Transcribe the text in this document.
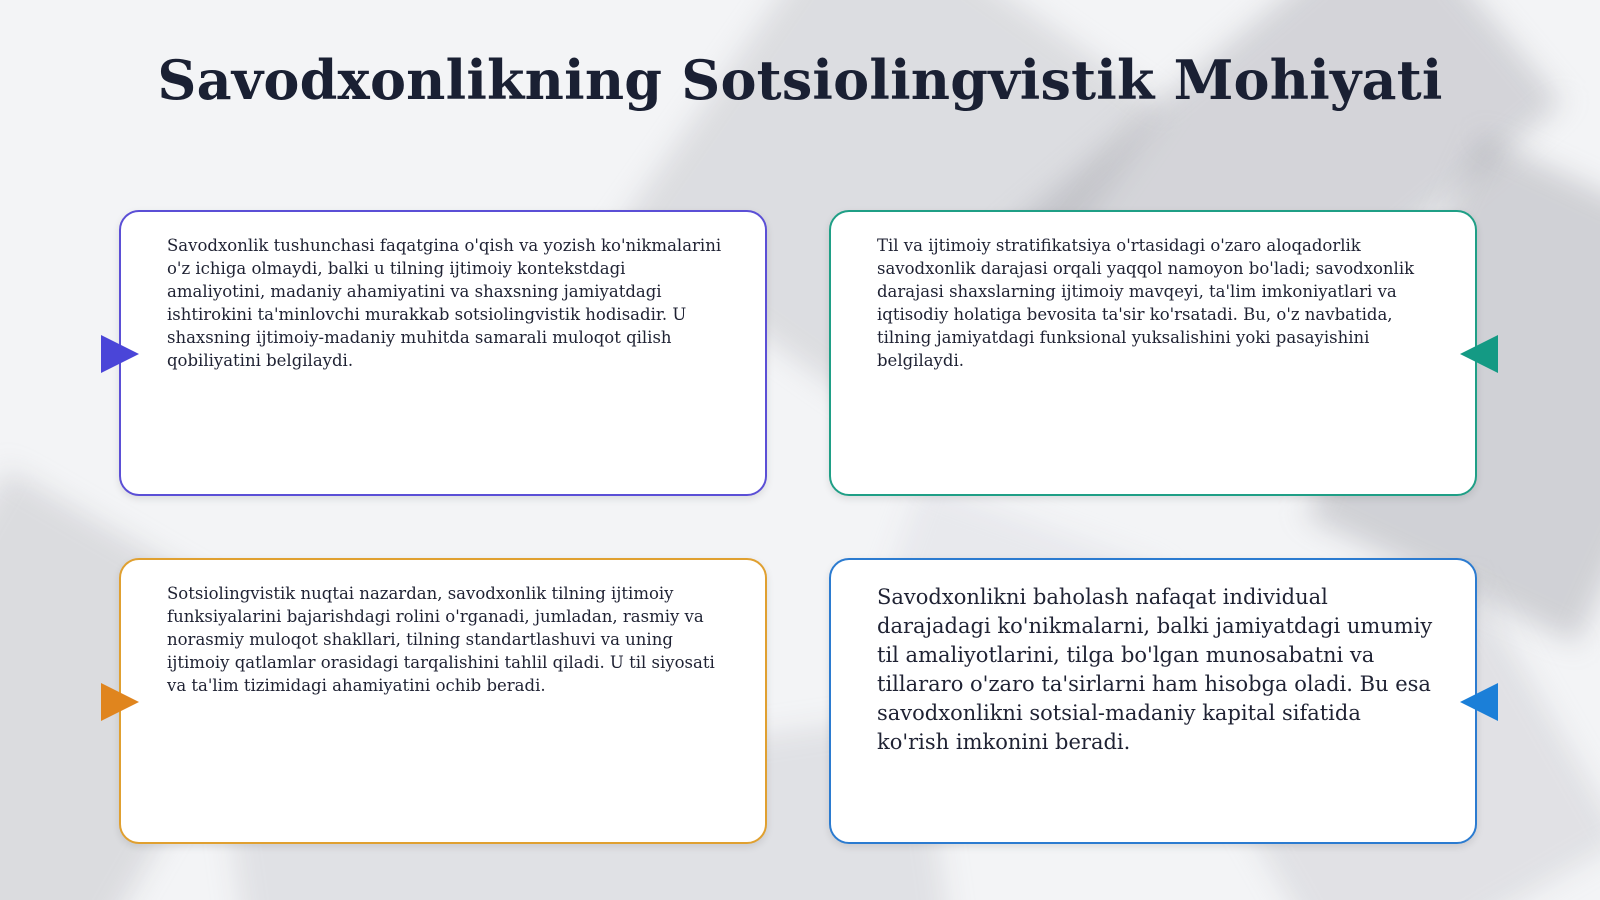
Savodxonlikning Sotsiolingvistik Mohiyati

Savodxonlik tushunchasi faqatgina o'qish va yozish ko'nikmalarini o'z ichiga olmaydi, balki u tilning ijtimoiy kontekstdagi amaliyotini, madaniy ahamiyatini va shaxsning jamiyatdagi ishtirokini ta'minlovchi murakkab sotsiolingvistik hodisadir. U shaxsning ijtimoiy-madaniy muhitda samarali muloqot qilish qobiliyatini belgilaydi.

Til va ijtimoiy stratifikatsiya o'rtasidagi o'zaro aloqadorlik savodxonlik darajasi orqali yaqqol namoyon bo'ladi; savodxonlik darajasi shaxslarning ijtimoiy mavqeyi, ta'lim imkoniyatlari va iqtisodiy holatiga bevosita ta'sir ko'rsatadi. Bu, o'z navbatida, tilning jamiyatdagi funksional yuksalishini yoki pasayishini belgilaydi.

Sotsiolingvistik nuqtai nazardan, savodxonlik tilning ijtimoiy funksiyalarini bajarishdagi rolini o'rganadi, jumladan, rasmiy va norasmiy muloqot shakllari, tilning standartlashuvi va uning ijtimoiy qatlamlar orasidagi tarqalishini tahlil qiladi. U til siyosati va ta'lim tizimidagi ahamiyatini ochib beradi.

Savodxonlikni baholash nafaqat individual darajadagi ko'nikmalarni, balki jamiyatdagi umumiy til amaliyotlarini, tilga bo'lgan munosabatni va tillararo o'zaro ta'sirlarni ham hisobga oladi. Bu esa savodxonlikni sotsial-madaniy kapital sifatida ko'rish imkonini beradi.
